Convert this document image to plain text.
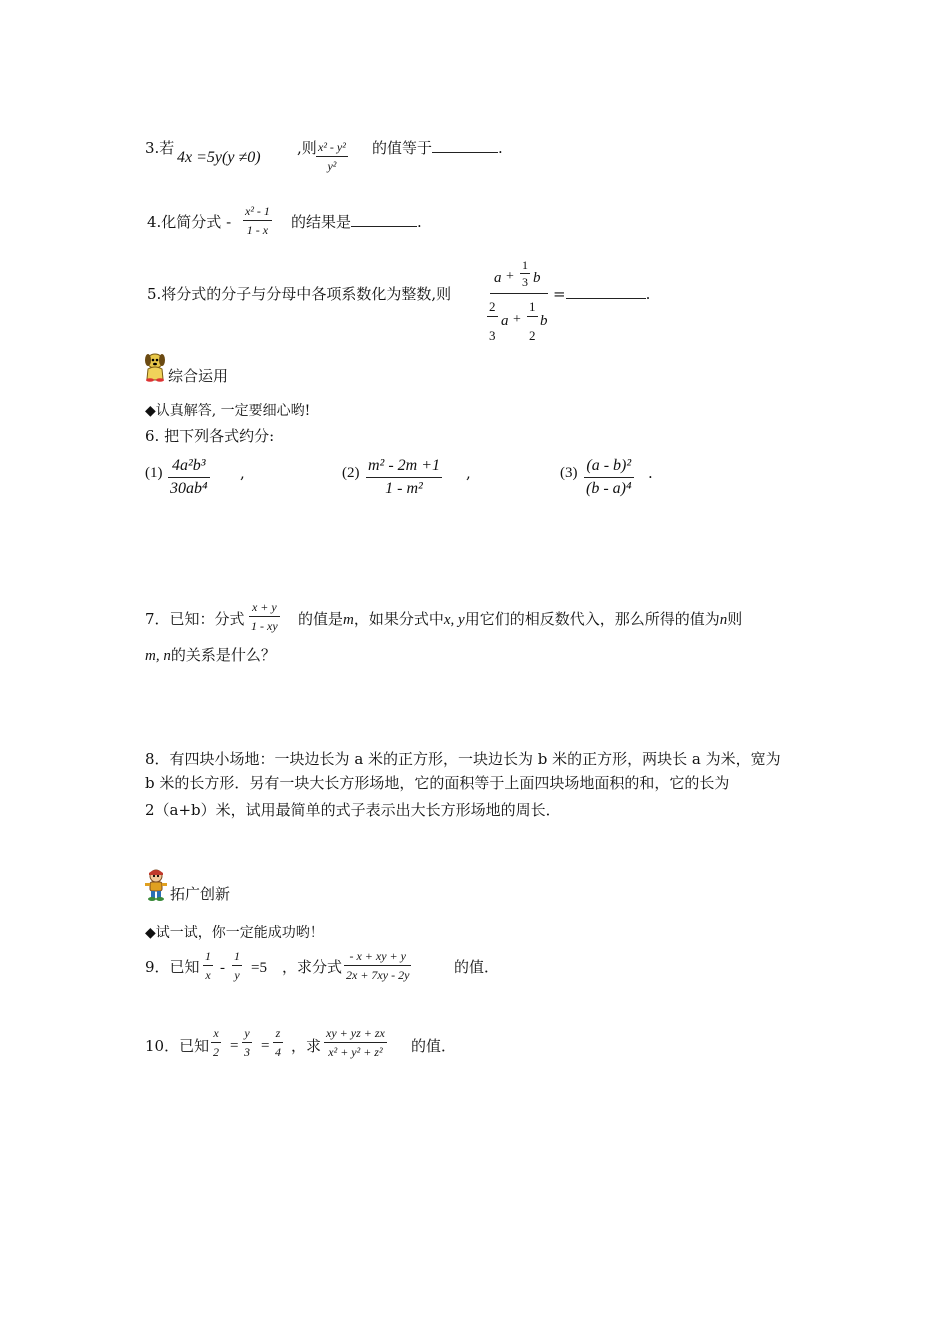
3.若
4x =5y(y ≠0)
,则 x² - y²
y²
的值等于	.
4.化简分式 -
x² - 1
1 - x 的结果是	.
5.将分式的分子与分母中各项系数化为整数,则
a +
1
3 b
2
3
a +
1
2
b
=	.
综合运用
◆认真解答, 一定要细心哟!
6. 把下列各式约分:
(1) 4a²b³
30ab⁴
,	(2) m² - 2m +1
1 - m²
,	(3) (a - b)²
(b - a)⁴
.
7．已知：分式
x + y
1 - xy 的值是m，如果分式中x, y用它们的相反数代入，那么所得的值为n则
m, n的关系是什么？
8．有四块小场地：一块边长为 a 米的正方形，一块边长为 b 米的正方形，两块长 a 为米，宽为
b 米的长方形．另有一块大长方形场地，它的面积等于上面四块场地面积的和，它的长为
2（a+b）米，试用最简单的式子表示出大长方形场地的周长．
拓广创新
◆试一试，你一定能成功哟！
9．已知
1
x -
1
y =5 ，求分式
- x + xy + y
2x + 7xy - 2y	的值．
10．已知
x
2 =
y
3 =
z
4 ，求
xy + yz + zx
x² + y² + z² 的值．
